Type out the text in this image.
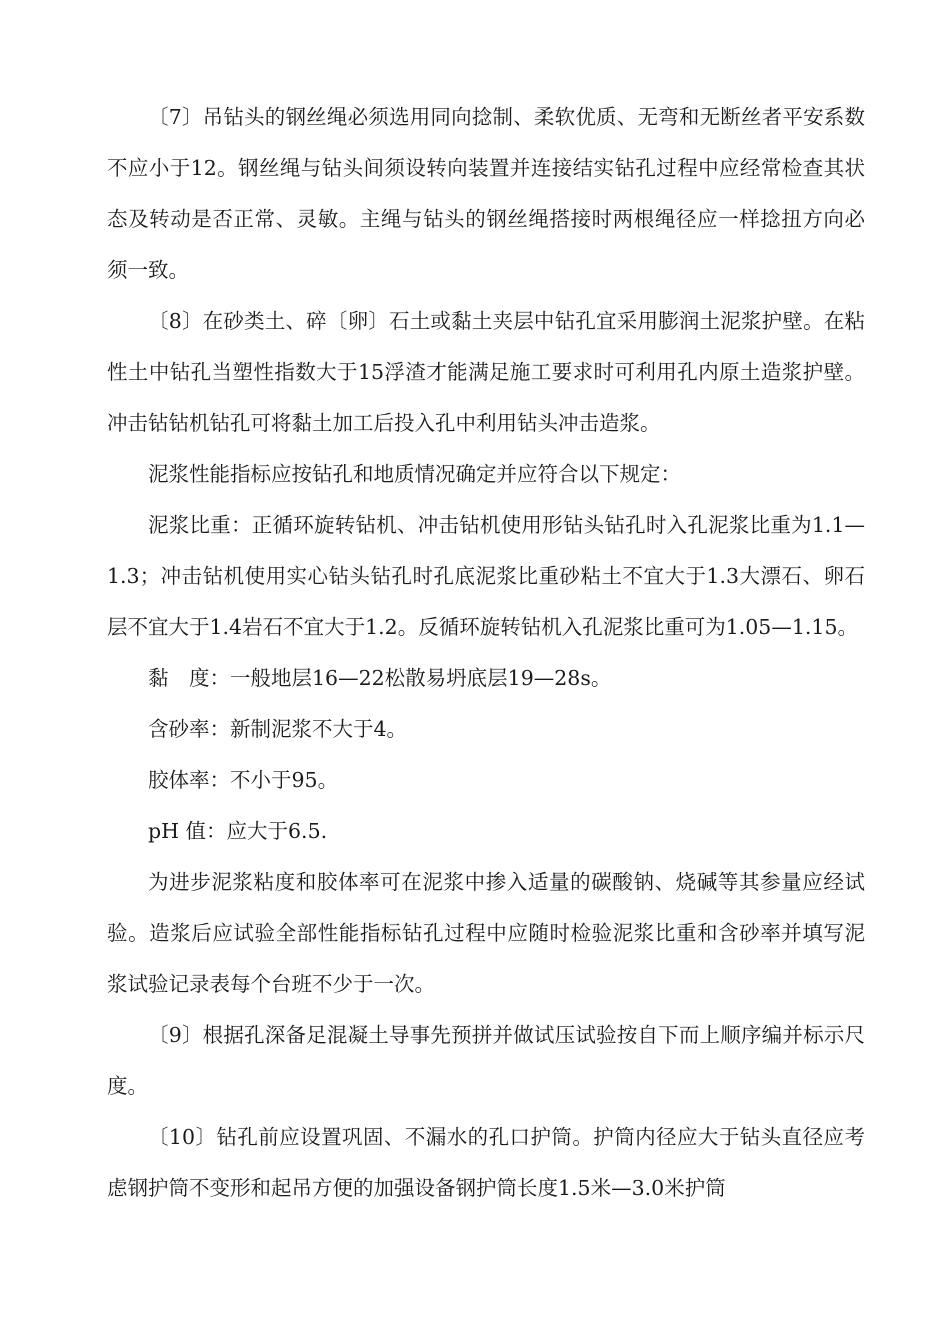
〔7〕吊钻头的钢丝绳必须选用同向捻制、柔软优质、无弯和无断丝者平安系数不应小于12。钢丝绳与钻头间须设转向装置并连接结实钻孔过程中应经常检查其状态及转动是否正常、灵敏。主绳与钻头的钢丝绳搭接时两根绳径应一样捻扭方向必须一致。

〔8〕在砂类土、碎〔卵〕石土或黏土夹层中钻孔宜采用膨润土泥浆护壁。在粘性土中钻孔当塑性指数大于15浮渣才能满足施工要求时可利用孔内原土造浆护壁。冲击钻钻机钻孔可将黏土加工后投入孔中利用钻头冲击造浆。

泥浆性能指标应按钻孔和地质情况确定并应符合以下规定：

泥浆比重：正循环旋转钻机、冲击钻机使用形钻头钻孔时入孔泥浆比重为1.1—1.3；冲击钻机使用实心钻头钻孔时孔底泥浆比重砂粘土不宜大于1.3大漂石、卵石层不宜大于1.4岩石不宜大于1.2。反循环旋转钻机入孔泥浆比重可为1.05—1.15。

黏　度：一般地层16—22松散易坍底层19—28s。

含砂率：新制泥浆不大于4。

胶体率：不小于95。

pH 值：应大于6.5.

为进步泥浆粘度和胶体率可在泥浆中掺入适量的碳酸钠、烧碱等其参量应经试验。造浆后应试验全部性能指标钻孔过程中应随时检验泥浆比重和含砂率并填写泥浆试验记录表每个台班不少于一次。

〔9〕根据孔深备足混凝土导事先预拼并做试压试验按自下而上顺序编并标示尺度。

〔10〕钻孔前应设置巩固、不漏水的孔口护筒。护筒内径应大于钻头直径应考虑钢护筒不变形和起吊方便的加强设备钢护筒长度1.5米—3.0米护筒
